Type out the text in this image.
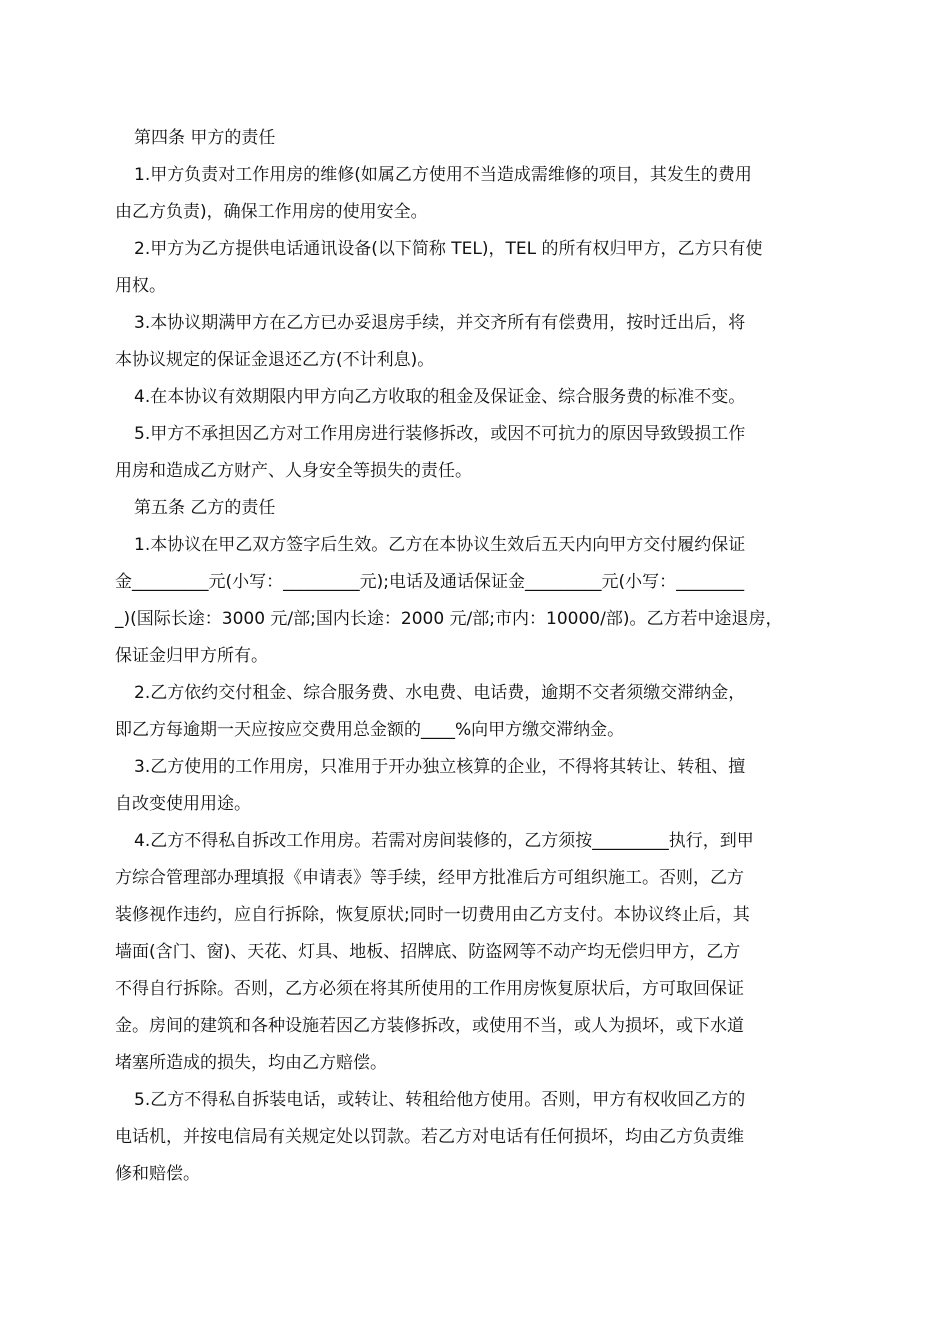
第四条 甲方的责任
1.甲方负责对工作用房的维修(如属乙方使用不当造成需维修的项目，其发生的费用
由乙方负责)，确保工作用房的使用安全。
2.甲方为乙方提供电话通讯设备(以下简称 TEL)，TEL 的所有权归甲方，乙方只有使
用权。
3.本协议期满甲方在乙方已办妥退房手续，并交齐所有有偿费用，按时迁出后，将
本协议规定的保证金退还乙方(不计利息)。
4.在本协议有效期限内甲方向乙方收取的租金及保证金、综合服务费的标准不变。
5.甲方不承担因乙方对工作用房进行装修拆改，或因不可抗力的原因导致毁损工作
用房和造成乙方财产、人身安全等损失的责任。
第五条 乙方的责任
1.本协议在甲乙双方签字后生效。乙方在本协议生效后五天内向甲方交付履约保证
金_________元(小写：_________元);电话及通话保证金_________元(小写：________
_)(国际长途：3000 元/部;国内长途：2000 元/部;市内：10000/部)。乙方若中途退房，
保证金归甲方所有。
2.乙方依约交付租金、综合服务费、水电费、电话费，逾期不交者须缴交滞纳金，
即乙方每逾期一天应按应交费用总金额的____%向甲方缴交滞纳金。
3.乙方使用的工作用房，只准用于开办独立核算的企业，不得将其转让、转租、擅
自改变使用用途。
4.乙方不得私自拆改工作用房。若需对房间装修的，乙方须按_________执行，到甲
方综合管理部办理填报《申请表》等手续，经甲方批准后方可组织施工。否则，乙方
装修视作违约，应自行拆除，恢复原状;同时一切费用由乙方支付。本协议终止后，其
墙面(含门、窗)、天花、灯具、地板、招牌底、防盗网等不动产均无偿归甲方，乙方
不得自行拆除。否则，乙方必须在将其所使用的工作用房恢复原状后，方可取回保证
金。房间的建筑和各种设施若因乙方装修拆改，或使用不当，或人为损坏，或下水道
堵塞所造成的损失，均由乙方赔偿。
5.乙方不得私自拆装电话，或转让、转租给他方使用。否则，甲方有权收回乙方的
电话机，并按电信局有关规定处以罚款。若乙方对电话有任何损坏，均由乙方负责维
修和赔偿。
